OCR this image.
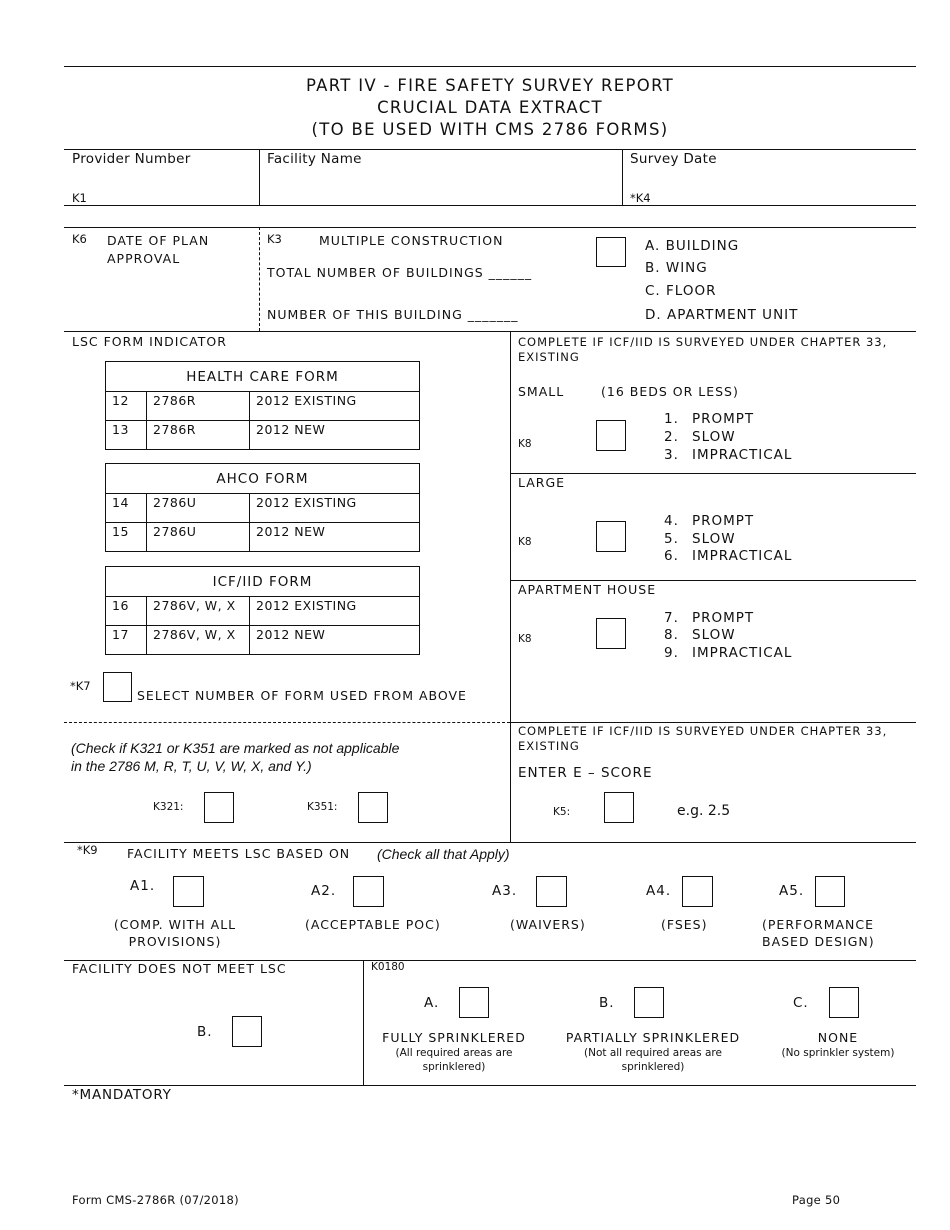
PART IV - FIRE SAFETY SURVEY REPORT
CRUCIAL DATA EXTRACT
(TO BE USED WITH CMS 2786 FORMS)
Provider Number
K1
Facility Name	Survey Date
*K4
K6 DATE OF PLAN
APPROVAL
K3	MULTIPLE CONSTRUCTION
TOTAL NUMBER OF BUILDINGS ______
NUMBER OF THIS BUILDING _______
A. BUILDING
B. WING
C. FLOOR
D. APARTMENT UNIT
LSC FORM INDICATOR
HEALTH CARE FORM		
12	2786R	2012 EXISTING
13	2786R	2012 NEW
AHCO FORM		
14	2786U	2012 EXISTING
15	2786U	2012 NEW
ICF/IID FORM		
16	2786V, W, X	2012 EXISTING
17	2786V, W, X	2012 NEW
*K7
SELECT NUMBER OF FORM USED FROM ABOVE
COMPLETE IF ICF/IID IS SURVEYED UNDER CHAPTER 33,
EXISTING
SMALL	(16 BEDS OR LESS)
K8
1. PROMPT
2. SLOW
3. IMPRACTICAL
LARGE
K8
4. PROMPT
5. SLOW
6. IMPRACTICAL
APARTMENT HOUSE
K8
7. PROMPT
8. SLOW
9. IMPRACTICAL
(Check if K321 or K351 are marked as not applicable
in the 2786 M, R, T, U, V, W, X, and Y.)
K321:	K351:
COMPLETE IF ICF/IID IS SURVEYED UNDER CHAPTER 33,
EXISTING
ENTER E – SCORE
K5:	e.g. 2.5
*K9 FACILITY MEETS LSC BASED ON (Check all that Apply)
A1.
(COMP. WITH ALL
PROVISIONS)
A2.
(ACCEPTABLE POC)
A3.
(WAIVERS)
A4.
(FSES)
A5.
(PERFORMANCE
BASED DESIGN)
FACILITY DOES NOT MEET LSC
B.
K0180
A.
FULLY SPRINKLERED
(All required areas are
sprinklered)
B.
PARTIALLY SPRINKLERED
(Not all required areas are
sprinklered)
C.
NONE
(No sprinkler system)
*MANDATORY
Form CMS-2786R (07/2018)	Page 50
